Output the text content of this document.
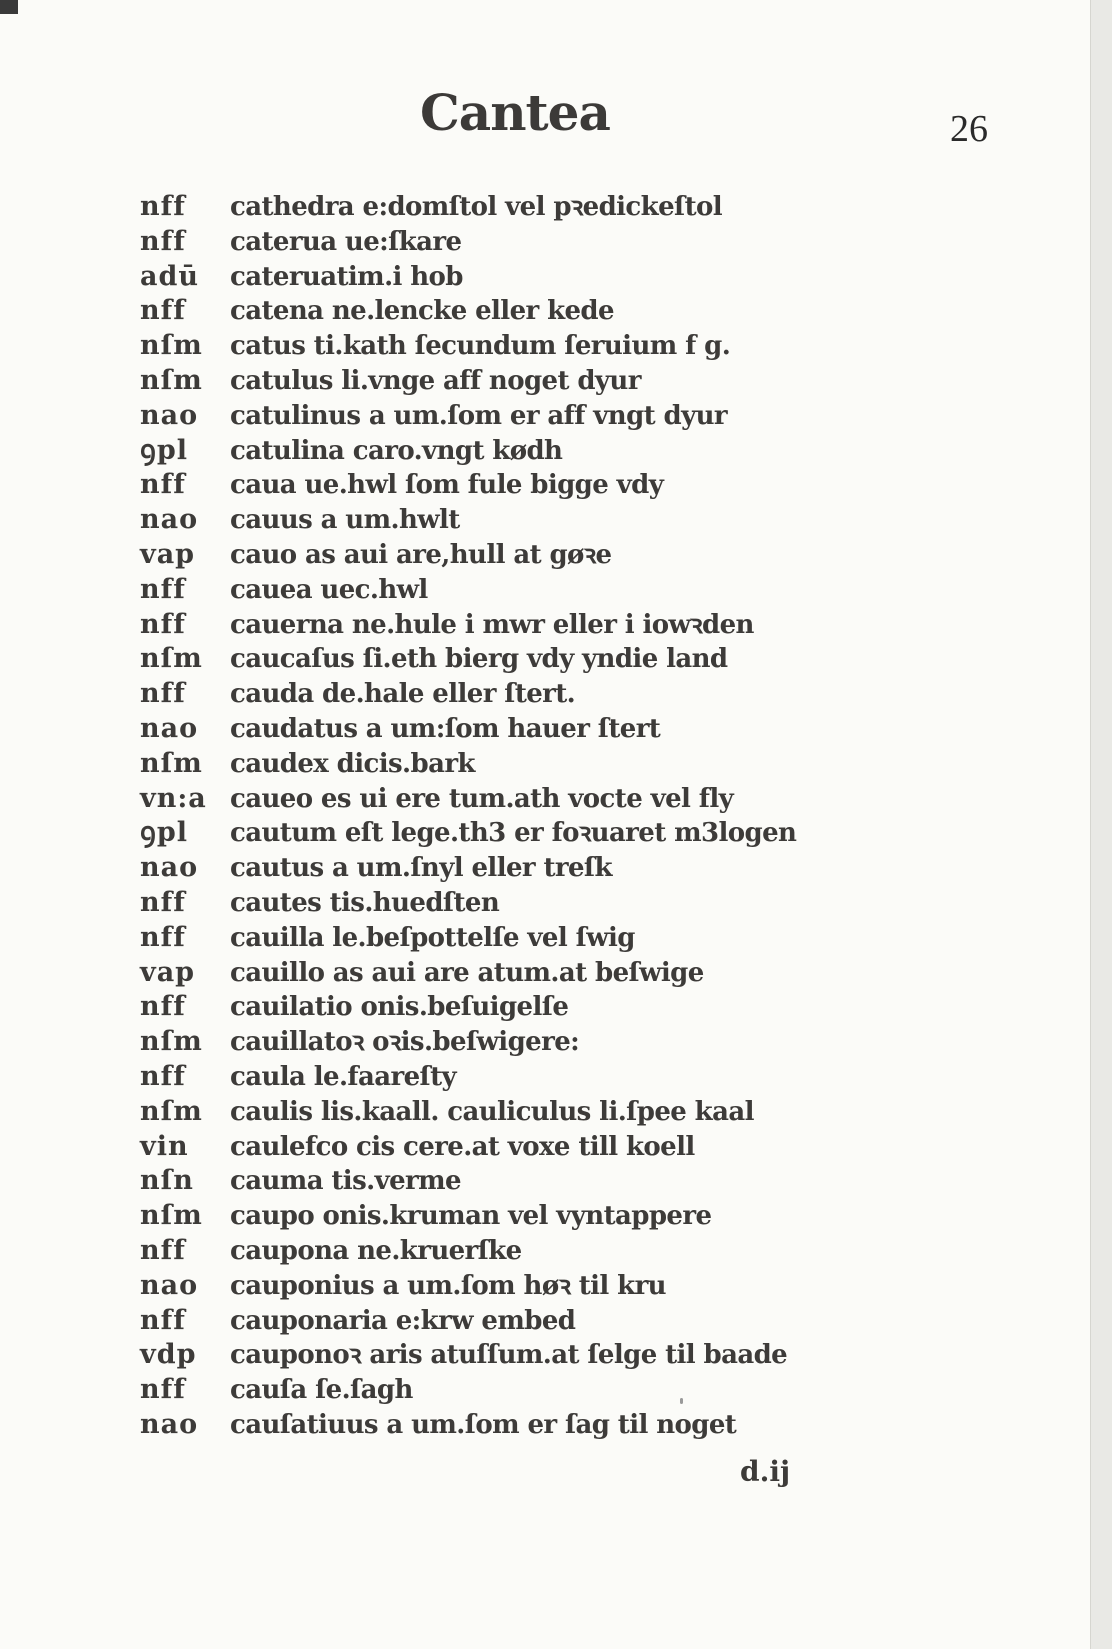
Cantea	26
nff	cathedra e:domſtol vel pꝛedickeſtol
nff	caterua ue:ſkare
adū	cateruatim.i hob
nff	catena ne.lencke eller kede
nſm	catus ti.kath ſecundum ſeruium f g.
nſm	catulus li.vnge aff noget dyur
nao	catulinus a um.ſom er aff vngt dyur
ꝯpl	catulina caro.vngt kødh
nff	caua ue.hwl ſom fule bigge vdy
nao	cauus a um.hwlt
vap	cauo as aui are,hull at gøꝛe
nff	cauea uec.hwl
nff	cauerna ne.hule i mwr eller i iowꝛden
nſm	caucaſus ſi.eth bierg vdy yndie land
nff	cauda de.hale eller ſtert.
nao	caudatus a um:ſom hauer ſtert
nſm	caudex dicis.bark
vn:a caueo es ui ere tum.ath vocte vel fly
ꝯpl	cautum eſt lege.th3 er foꝛuaret m3logen
nao	cautus a um.ſnyl eller treſk
nff	cautes tis.huedſten
nff	cauilla le.beſpottelſe vel ſwig
vap	cauillo as aui are atum.at beſwige
nff	cauilatio onis.beſuigelſe
nſm	cauillatoꝛ oꝛis.beſwigere:
nff	caula le.faareſty
nſm	caulis lis.kaall. cauliculus li.ſpee kaal
vin	caulefco cis cere.at voxe till koell
nſn	cauma tis.verme
nſm	caupo onis.kruman vel vyntappere
nff	caupona ne.kruerſke
nao	cauponius a um.ſom høꝛ til kru
nff	cauponaria e:krw embed
vdp	cauponoꝛ aris atuſſum.at ſelge til baade
nff	cauſa ſe.ſagh
nao	cauſatiuus a um.ſom er ſag til noget
d.ij
